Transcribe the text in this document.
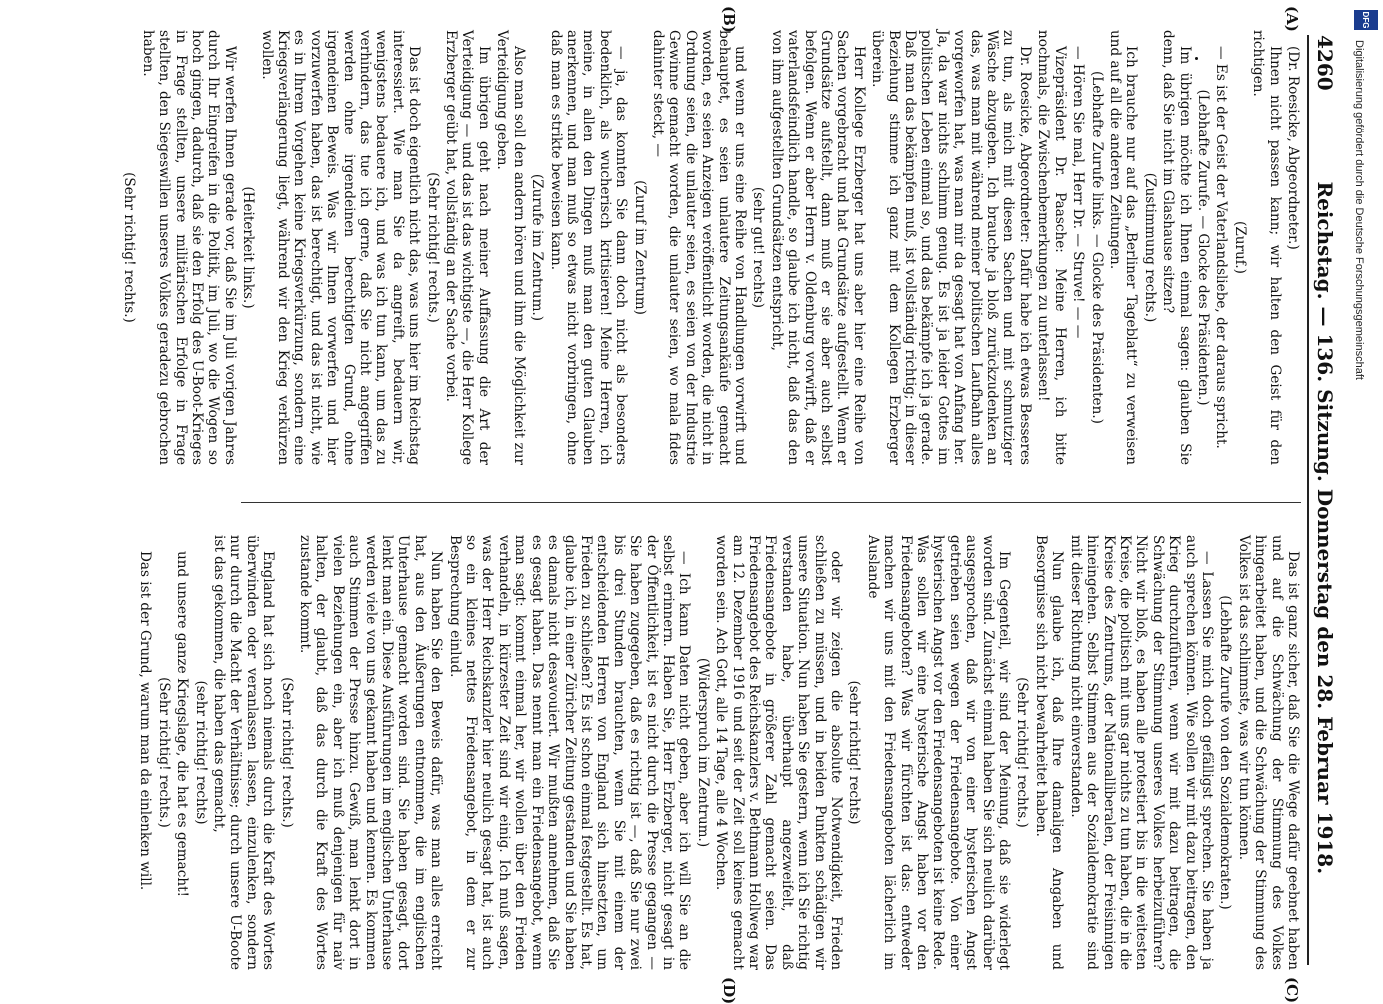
4260
Reichstag. — 136. Sitzung. Donnerstag den 28. Februar 1918.
(A)
(B)
(C)
(D)

(Dr. Roesicke, Abgeordneter.)

Ihnen nicht passen kann; wir halten den Geist für den richtigen.

(Zuruf.)

— Es ist der Geist der Vaterlandsliebe, der daraus spricht.

(Lebhafte Zurufe. — Glocke des Präsidenten.)

Im übrigen möchte ich Ihnen einmal sagen: glauben Sie denn, daß Sie nicht im Glashause sitzen?

(Zustimmung rechts.)

Ich brauche nur auf das „Berliner Tageblatt“ zu verweisen und auf all die anderen Zeitungen.

(Lebhafte Zurufe links. — Glocke des Präsidenten.)

— Hören Sie mal, Herr Dr. — Struve! — —

Vizepräsident Dr. Paasche: Meine Herren, ich bitte nochmals, die Zwischenbemerkungen zu unterlassen!

Dr. Roesicke, Abgeordneter: Dafür habe ich etwas Besseres zu tun, als mich mit diesen Sachen und mit schmutziger Wäsche abzugeben. Ich brauche ja bloß zurückzudenken an das, was man mit während meiner politischen Laufbahn alles vorgeworfen hat, was man mir da gesagt hat von Anfang her. Ja, da war nichts schlimm genug. Es ist ja leider Gottes im politischen Leben einmal so, und das bekämpfe ich ja gerade. Daß man das bekämpfen muß, ist vollständig richtig; in dieser Beziehung stimme ich ganz mit dem Kollegen Erzberger überein.

Herr Kollege Erzberger hat uns aber hier eine Reihe von Sachen vorgebracht und hat Grundsätze aufgestellt. Wenn er Grundsätze aufstellt, dann muß er sie aber auch selbst befolgen. Wenn er aber Herrn v. Oldenburg vorwirft, daß er vaterlandsfeindlich handle, so glaube ich nicht, daß das den von ihm aufgestellten Grundsätzen entspricht,

(sehr gut! rechts)

und wenn er uns eine Reihe von Handlungen vorwirft und behauptet, es seien unlautere Zeitungsankäufe gemacht worden, es seien Anzeigen veröffentlicht worden, die nicht in Ordnung seien, die unlauter seien, es seien von der Industrie Gewinne gemacht worden, die unlauter seien, wo mala fides dahinter steckt, —

(Zuruf im Zentrum)

— ja, das konnten Sie dann doch nicht als besonders bedenklich, als wucherisch kritisieren! Meine Herren, ich meine, in allen den Dingen muß man den guten Glauben anerkennen, und man muß so etwas nicht vorbringen, ohne daß man es strikte beweisen kann.

(Zurufe im Zentrum.)

Also man soll den andern hören und ihm die Möglichkeit zur Verteidigung geben.

Im übrigen geht nach meiner Auffassung die Art der Verteidigung — und das ist das wichtigste —, die Herr Kollege Erzberger geübt hat, vollständig an der Sache vorbei.

(Sehr richtig! rechts.)

Das ist doch eigentlich nicht das, was uns hier im Reichstag interessiert. Wie man Sie da angreift, bedauern wir, wenigstens bedauere ich, und was ich tun kann, um das zu verhindern, das tue ich gerne, daß Sie nicht angegriffen werden ohne irgendeinen berechtigten Grund, ohne irgendeinen Beweis. Was wir Ihnen vorwerfen und hier vorzuwerfen haben, das ist berechtigt, und das ist nicht, wie es in Ihrem Vorgehen keine Kriegsverkürzung, sondern eine Kriegsverlängerung liegt, während wir den Krieg verkürzen wollen.

(Heiterkeit links.)

Wir werfen Ihnen gerade vor, daß Sie im Juli vorigen Jahres durch Ihr Eingreifen in die Politik, im Juli, wo die Wogen so hoch gingen, dadurch, daß sie den Erfolg des U-Boot-Krieges in Frage stellten, unsere militärischen Erfolge in Frage stellten, den Siegeswillen unseres Volkes geradezu gebrochen haben.

(Sehr richtig! rechts.)

Das ist ganz sicher, daß Sie die Wege dafür geebnet haben und auf die Schwächung der Stimmung des Volkes hingearbeitet haben, und die Schwächung der Stimmung des Volkes ist das schlimmste, was wir tun können.

(Lebhafte Zurufe von den Sozialdemokraten.)

— Lassen Sie mich doch gefälligst sprechen. Sie haben ja auch sprechen können. Wie sollen wir mit dazu beitragen, den Krieg durchzuführen, wenn wir mit dazu beitragen, die Schwächung der Stimmung unseres Volkes herbeizuführen? Nicht wir bloß, es haben alle protestiert bis in die weitesten Kreise, die politisch mit uns gar nichts zu tun haben, die in die Kreise des Zentrums, der Nationalliberalen, der Freisinnigen hineingehen. Selbst Stimmen aus der Sozialdemokratie sind mit dieser Richtung nicht einverstanden.

Nun glaube ich, daß Ihre damaligen Angaben und Besorgnisse sich nicht bewahrheitet haben.

(Sehr richtig! rechts.)

Im Gegenteil, wir sind der Meinung, daß sie widerlegt worden sind. Zunächst einmal haben Sie sich neulich darüber ausgesprochen, daß wir von einer hysterischen Angst getrieben seien wegen der Friedensangebote. Von einer hysterischen Angst vor den Friedensangeboten ist keine Rede. Was sollen wir eine hysterische Angst haben vor den Friedensangeboten? Was wir fürchten ist das: entweder machen wir uns mit den Friedensangeboten lächerlich im Auslande

(sehr richtig! rechts)

oder wir zeigen die absolute Notwendigkeit, Frieden schließen zu müssen, und in beiden Punkten schädigen wir unsere Situation. Nun haben Sie gestern, wenn ich Sie richtig verstanden habe, überhaupt angezweifelt, daß Friedensangebote in größerer Zahl gemacht seien. Das Friedensangebot des Reichskanzlers v. Bethmann Hollweg war am 12. Dezember 1916 und seit der Zeit soll keines gemacht worden sein. Ach Gott, alle 14 Tage, alle 4 Wochen.

(Widerspruch im Zentrum.)

— Ich kann Daten nicht geben, aber ich will Sie an die selbst erinnern. Haben Sie, Herr Erzberger, nicht gesagt in der Öffentlichkeit, ist es nicht durch die Presse gegangen — Sie haben zugegeben, daß es richtig ist —, daß Sie nur zwei bis drei Stunden brauchten, wenn Sie mit einem der entscheidenden Herren von England sich hinsetzten, um Frieden zu schließen? Es ist schon einmal festgestellt. Es hat, glaube ich, in einer Züricher Zeitung gestanden und Sie haben es damals nicht desavouiert. Wir mußten annehmen, daß Sie es gesagt haben. Das nennt man ein Friedensangebot, wenn man sagt: kommt einmal her, wir wollen über den Frieden verhandeln, in kürzester Zeit sind wir einig. Ich muß sagen, was der Herr Reichskanzler hier neulich gesagt hat, ist auch so ein kleines nettes Friedensangebot, in dem er zur Besprechung einlud.

Nun haben Sie den Beweis dafür, was man alles erreicht hat, aus den Äußerungen entnommen, die im englischen Unterhause gemacht worden sind. Sie haben gesagt, dort lenkt man ein. Diese Ausführungen im englischen Unterhause werden viele von uns gekannt haben und kennen. Es kommen auch Stimmen der Presse hinzu. Gewiß, man lenkt dort in vielen Beziehungen ein, aber ich muß denjenigen für naiv halten, der glaubt, daß das durch die Kraft des Wortes zustande kommt.

(Sehr richtig! rechts.)

England hat sich noch niemals durch die Kraft des Wortes überwinden oder veranlassen lassen, einzulenken, sondern nur durch die Macht der Verhältnisse; durch unsere U-Boote ist das gekommen, die haben das gemacht,

(sehr richtig! rechts)

und unsere ganze Kriegslage, die hat es gemacht!

(Sehr richtig! rechts.)

Das ist der Grund, warum man da einlenken will.

DFG
Digitalisierung gefördert durch die Deutsche Forschungsgemeinschaft
